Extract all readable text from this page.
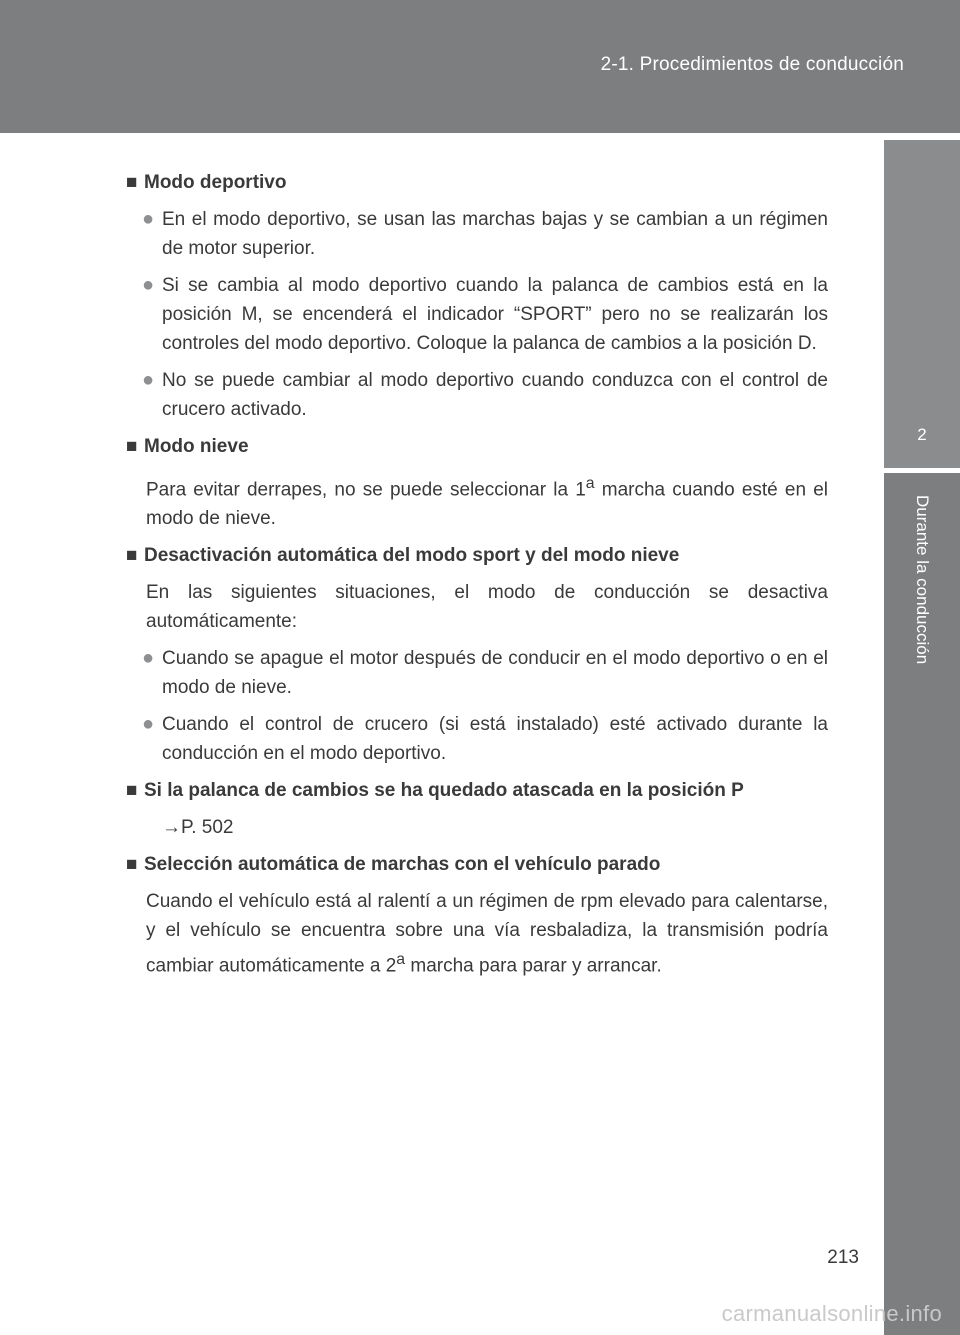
2-1. Procedimientos de conducción
2
Durante la conducción
■ Modo deportivo
● En el modo deportivo, se usan las marchas bajas y se cambian a un régimen de motor superior.
● Si se cambia al modo deportivo cuando la palanca de cambios está en la posición M, se encenderá el indicador “SPORT” pero no se realizarán los controles del modo deportivo. Coloque la palanca de cambios a la posición D.
● No se puede cambiar al modo deportivo cuando conduzca con el control de crucero activado.
■ Modo nieve
Para evitar derrapes, no se puede seleccionar la 1$^a$ marcha cuando esté en el modo de nieve.
■ Desactivación automática del modo sport y del modo nieve
En las siguientes situaciones, el modo de conducción se desactiva automáticamente:
● Cuando se apague el motor después de conducir en el modo deportivo o en el modo de nieve.
● Cuando el control de crucero (si está instalado) esté activado durante la conducción en el modo deportivo.
■ Si la palanca de cambios se ha quedado atascada en la posición P
→P. 502
■ Selección automática de marchas con el vehículo parado
Cuando el vehículo está al ralentí a un régimen de rpm elevado para calentarse, y el vehículo se encuentra sobre una vía resbaladiza, la transmisión podría cambiar automáticamente a 2$^a$ marcha para parar y arrancar.
213
carmanualsonline.info
